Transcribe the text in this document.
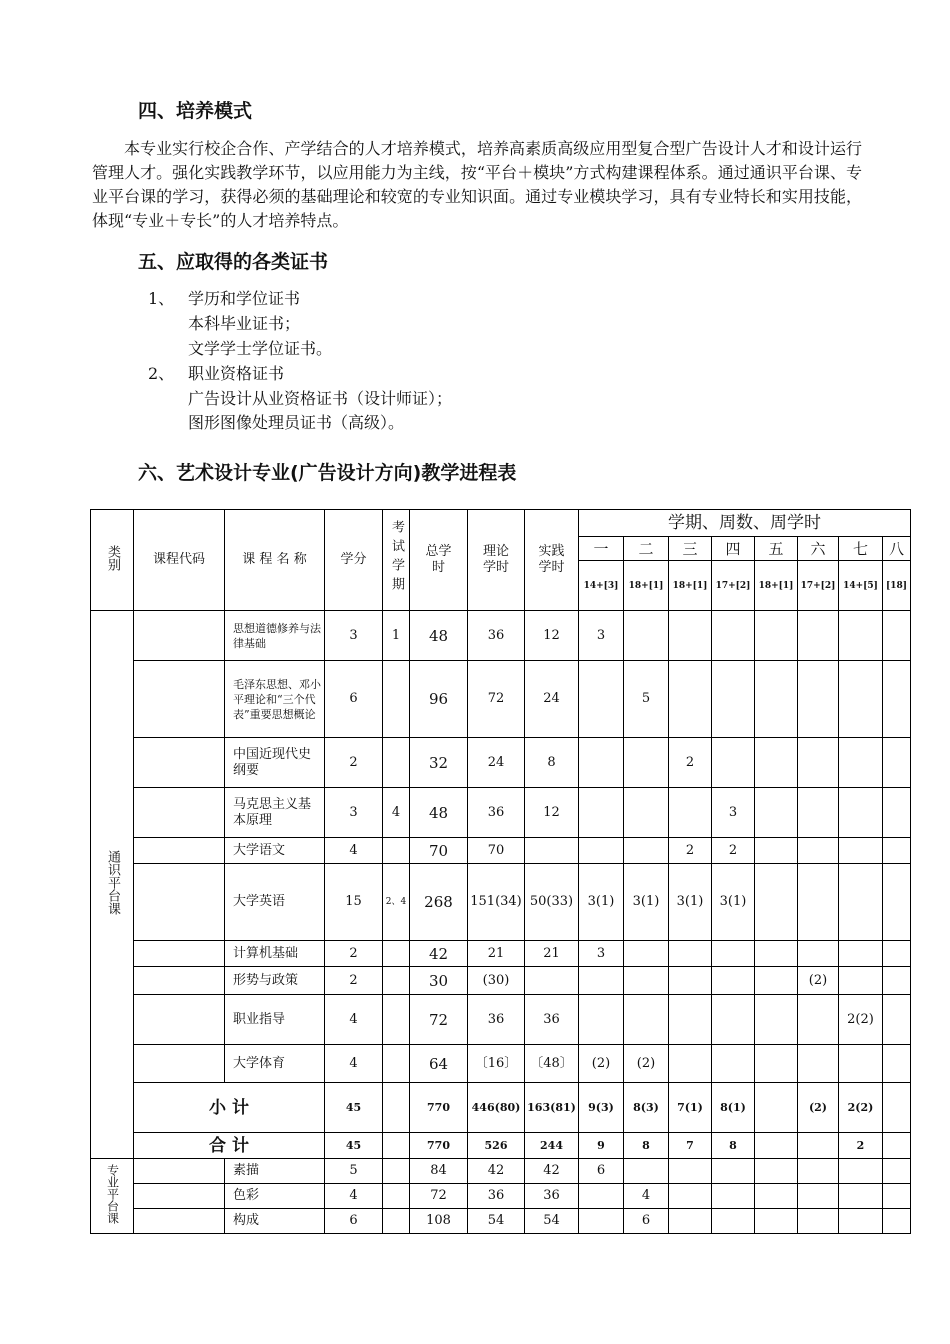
四、培养模式

本专业实行校企合作、产学结合的人才培养模式，培养高素质高级应用型复合型广告设计人才和设计运行管理人才。强化实践教学环节，以应用能力为主线，按“平台＋模块”方式构建课程体系。通过通识平台课、专业平台课的学习，获得必须的基础理论和较宽的专业知识面。通过专业模块学习，具有专业特长和实用技能，体现“专业＋专长”的人才培养特点。

五、应取得的各类证书

1、 学历和学位证书

本科毕业证书；

文学学士学位证书。

2、 职业资格证书

广告设计从业资格证书（设计师证）；

图形图像处理员证书（高级）。

六、艺术设计专业(广告设计方向)教学进程表
类别	课程代码	课 程 名 称	学分	考试学期	总学时	理论学时	实践学时	学期、周数、周学时							
								一	二	三	四	五	六	七	八
								14+[3]	18+[1]	18+[1]	17+[2]	18+[1]	17+[2]	14+[5]	[18]
通识平台课		思想道德修养与法律基础	3	1	48	36	12	3							
		毛泽东思想、邓小平理论和“三个代表”重要思想概论	6		96	72	24		5						
		中国近现代史纲要	2		32	24	8			2					
		马克思主义基本原理	3	4	48	36	12				3				
		大学语文	4		70	70				2	2				
		大学英语	15	2、4	268	151(34)	50(33)	3(1)	3(1)	3(1)	3(1)				
		计算机基础	2		42	21	21	3							
		形势与政策	2		30	(30)							(2)		
		职业指导	4		72	36	36							2(2)	
		大学体育	4		64	〔16〕	〔48〕	(2)	(2)						
	小 计		45		770	446(80)	163(81)	9(3)	8(3)	7(1)	8(1)		(2)	2(2)	
	合 计		45		770	526	244	9	8	7	8			2	
专业平台课		素描	5		84	42	42	6							
		色彩	4		72	36	36		4						
		构成	6		108	54	54		6						
